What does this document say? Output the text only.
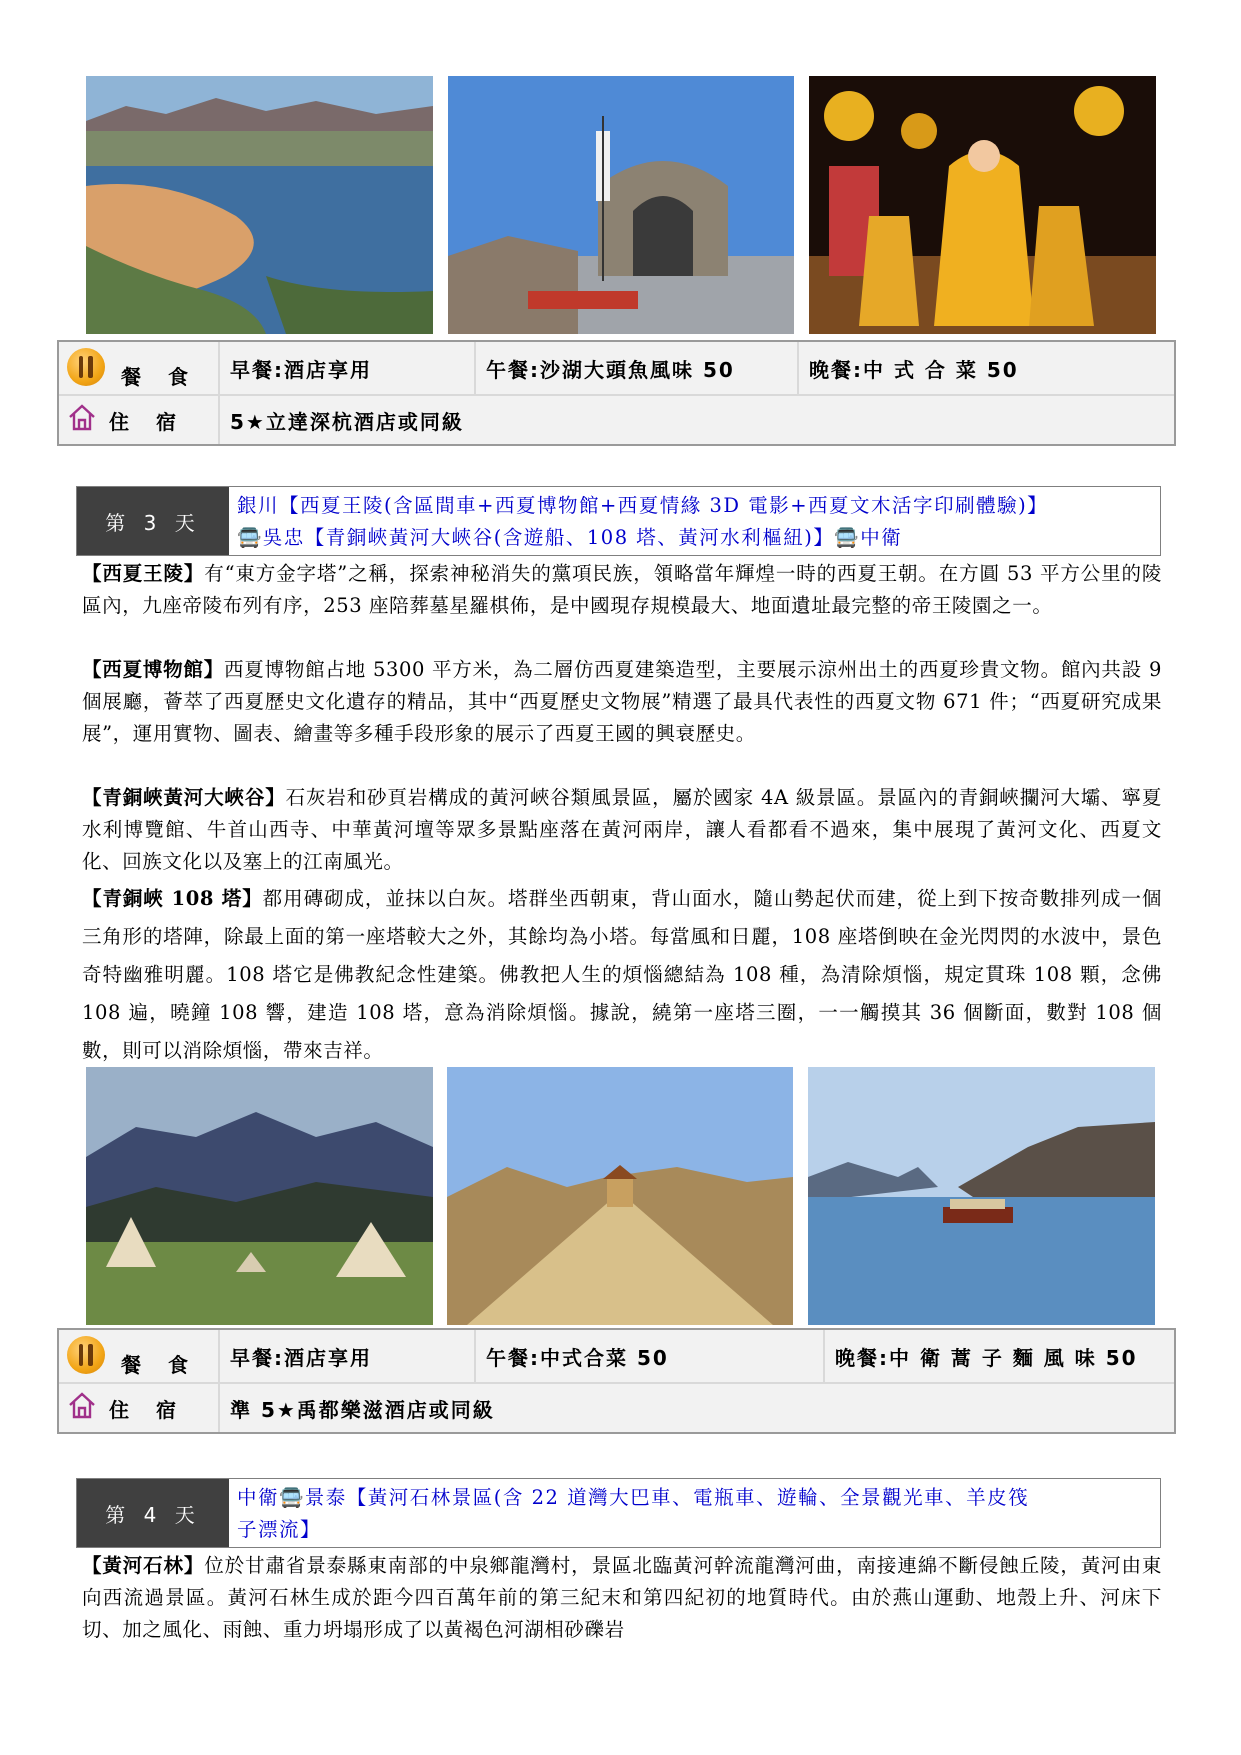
餐 食	早餐:酒店享用	午餐:沙湖大頭魚風味 50	晚餐:中 式 合 菜 50
住 宿	5★立達深杭酒店或同級
第 3 天
銀川【西夏王陵(含區間車+西夏博物館+西夏情緣 3D 電影+西夏文木活字印刷體驗)】
🚍吳忠【青銅峽黃河大峽谷(含遊船、108 塔、黃河水利樞紐)】🚍中衛
【西夏王陵】有“東方金字塔”之稱，探索神秘消失的黨項民族，領略當年輝煌一時的西夏王朝。在方圓 53 平方公里的陵區內，九座帝陵布列有序，253 座陪葬墓星羅棋佈，是中國現存規模最大、地面遺址最完整的帝王陵園之一。
【西夏博物館】西夏博物館占地 5300 平方米，為二層仿西夏建築造型，主要展示涼州出土的西夏珍貴文物。館內共設 9 個展廳，薈萃了西夏歷史文化遺存的精品，其中“西夏歷史文物展”精選了最具代表性的西夏文物 671 件；“西夏研究成果展”，運用實物、圖表、繪畫等多種手段形象的展示了西夏王國的興衰歷史。
【青銅峽黃河大峽谷】石灰岩和砂頁岩構成的黃河峽谷類風景區，屬於國家 4A 級景區。景區內的青銅峽攔河大壩、寧夏水利博覽館、牛首山西寺、中華黃河壇等眾多景點座落在黃河兩岸，讓人看都看不過來，集中展現了黃河文化、西夏文化、回族文化以及塞上的江南風光。
【青銅峽 108 塔】都用磚砌成，並抹以白灰。塔群坐西朝東，背山面水，隨山勢起伏而建，從上到下按奇數排列成一個三角形的塔陣，除最上面的第一座塔較大之外，其餘均為小塔。每當風和日麗，108 座塔倒映在金光閃閃的水波中，景色奇特幽雅明麗。108 塔它是佛教紀念性建築。佛教把人生的煩惱總結為 108 種，為清除煩惱，規定貫珠 108 顆，念佛 108 遍，曉鐘 108 響，建造 108 塔，意為消除煩惱。據說，繞第一座塔三圈，一一觸摸其 36 個斷面，數對 108 個數，則可以消除煩惱，帶來吉祥。
餐 食	早餐:酒店享用	午餐:中式合菜 50	晚餐:中 衛 蒿 子 麵 風 味 50
住 宿	準 5★禹都樂滋酒店或同級
第 4 天
中衛🚍景泰【黃河石林景區(含 22 道灣大巴車、電瓶車、遊輪、全景觀光車、羊皮筏
子漂流】
【黃河石林】位於甘肅省景泰縣東南部的中泉鄉龍灣村，景區北臨黃河幹流龍灣河曲，南接連綿不斷侵蝕丘陵，黃河由東向西流過景區。黃河石林生成於距今四百萬年前的第三紀末和第四紀初的地質時代。由於燕山運動、地殼上升、河床下切、加之風化、雨蝕、重力坍塌形成了以黃褐色河湖相砂礫岩
